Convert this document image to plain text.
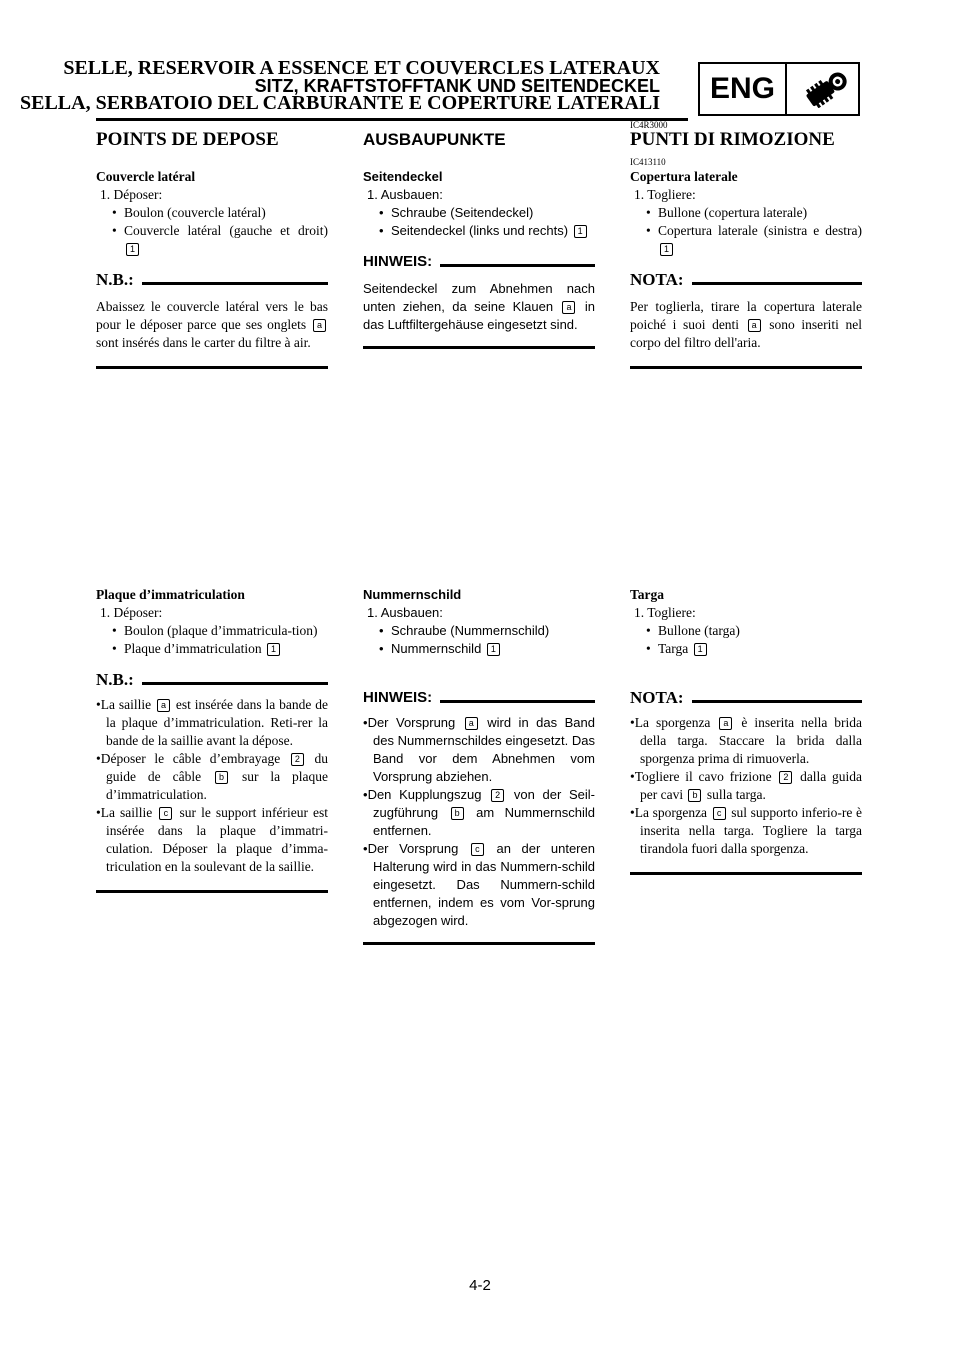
SELLE, RESERVOIR A ESSENCE ET COUVERCLES LATERAUX
SITZ, KRAFTSTOFFTANK UND SEITENDECKEL
SELLA, SERBATOIO DEL CARBURANTE E COPERTURE LATERALI	ENG
IC4R3000
IC413110
POINTS DE DEPOSE
Couvercle latéral
1. Déposer:
• Boulon (couvercle latéral)
• Couvercle latéral (gauche et droit) 1
N.B.:
Abaissez le couvercle latéral vers le bas pour le déposer parce que ses onglets a sont insérés dans le carter du filtre à air.
AUSBAUPUNKTE
Seitendeckel
1. Ausbauen:
• Schraube (Seitendeckel)
• Seitendeckel (links und rechts) 1
HINWEIS:
Seitendeckel zum Abnehmen nach unten ziehen, da seine Klauen a in das Luftfiltergehäuse eingesetzt sind.
PUNTI DI RIMOZIONE
Copertura laterale
1. Togliere:
• Bullone (copertura laterale)
• Copertura laterale (sinistra e destra) 1
NOTA:
Per toglierla, tirare la copertura laterale poiché i suoi denti a sono inseriti nel corpo del filtro dell'aria.
Plaque d’immatriculation
1. Déposer:
• Boulon (plaque d’immatricula-tion)
• Plaque d’immatriculation 1
N.B.:
•La saillie a est insérée dans la bande de la plaque d’immatriculation. Reti-rer la bande de la saillie avant la dépose.
•Déposer le câble d’embrayage 2 du guide de câble b sur la plaque d’immatriculation.
•La saillie c sur le support inférieur est insérée dans la plaque d’immatri-culation. Déposer la plaque d’imma-triculation en la soulevant de la saillie.
Nummernschild
1. Ausbauen:
• Schraube (Nummernschild)
• Nummernschild 1
HINWEIS:
•Der Vorsprung a wird in das Band des Nummernschildes eingesetzt. Das Band vor dem Abnehmen vom Vorsprung abziehen.
•Den Kupplungszug 2 von der Seil-zugführung b am Nummernschild entfernen.
•Der Vorsprung c an der unteren Halterung wird in das Nummern-schild eingesetzt. Das Nummern-schild entfernen, indem es vom Vor-sprung abgezogen wird.
Targa
1. Togliere:
• Bullone (targa)
• Targa 1
NOTA:
•La sporgenza a è inserita nella brida della targa. Staccare la brida dalla sporgenza prima di rimuoverla.
•Togliere il cavo frizione 2 dalla guida per cavi b sulla targa.
•La sporgenza c sul supporto inferio-re è inserita nella targa. Togliere la targa tirandola fuori dalla sporgenza.
4-2
